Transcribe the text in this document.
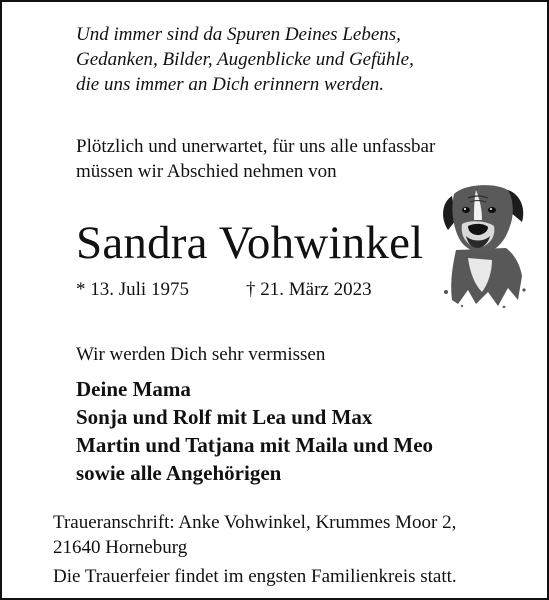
Und immer sind da Spuren Deines Lebens,
Gedanken, Bilder, Augenblicke und Gefühle,
die uns immer an Dich erinnern werden.
Plötzlich und unerwartet, für uns alle unfassbar
müssen wir Abschied nehmen von
Sandra Vohwinkel
* 13. Juli 1975	† 21. März 2023
Wir werden Dich sehr vermissen
Deine Mama
Sonja und Rolf mit Lea und Max
Martin und Tatjana mit Maila und Meo
sowie alle Angehörigen
Traueranschrift: Anke Vohwinkel, Krummes Moor 2,
21640 Horneburg
Die Trauerfeier findet im engsten Familienkreis statt.
